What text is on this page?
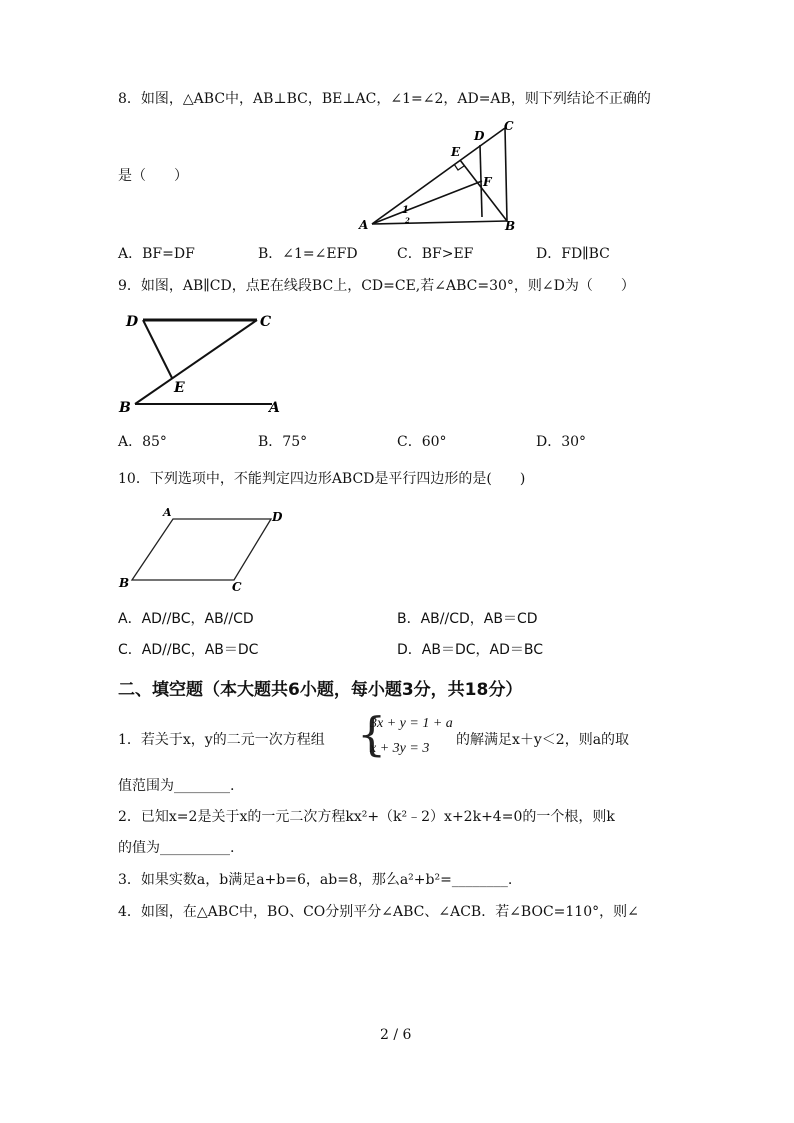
8．如图，△ABC中，AB⊥BC，BE⊥AC，∠1=∠2，AD=AB，则下列结论不正确的
D
C
E
F
A	B
1
2
是（　　）
A．BF=DF	B．∠1=∠EFD	C．BF>EF	D．FD∥BC
9．如图，AB∥CD，点E在线段BC上，CD=CE,若∠ABC=30°，则∠D为（　　）
D	C
E
B	A
A．85°	B．75°	C．60°	D．30°
10．下列选项中，不能判定四边形ABCD是平行四边形的是(　　)
A	D
B	C
A．AD//BC，AB//CD	B．AB//CD，AB＝CD
C．AD//BC，AB＝DC	D．AB＝DC，AD＝BC
二、填空题（本大题共6小题，每小题3分，共18分）
1．若关于x，y的二元一次方程组 {
3x + y = 1 + a
x + 3y = 3
的解满足x＋y＜2，则a的取
值范围为________.
2．已知x=2是关于x的一元二次方程kx²+（k²﹣2）x+2k+4=0的一个根，则k
的值为__________.
3．如果实数a，b满足a+b=6，ab=8，那么a²+b²=________.
4．如图，在△ABC中，BO、CO分别平分∠ABC、∠ACB．若∠BOC=110°，则∠
2 / 6
